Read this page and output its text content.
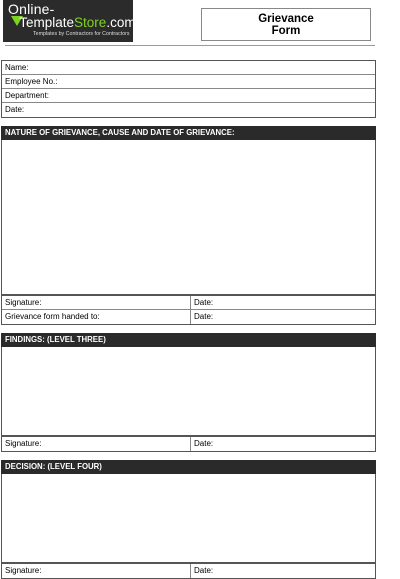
Online-
TemplateStore.com
Templates by Contractors for Contractors
Grievance
Form
Name:
Employee No.:
Department:
Date:
NATURE OF GRIEVANCE, CAUSE AND DATE OF GRIEVANCE:
Signature:	Date:
Grievance form handed to:	Date:
FINDINGS: (LEVEL THREE)
Signature:	Date:
DECISION: (LEVEL FOUR)
Signature:	Date:
